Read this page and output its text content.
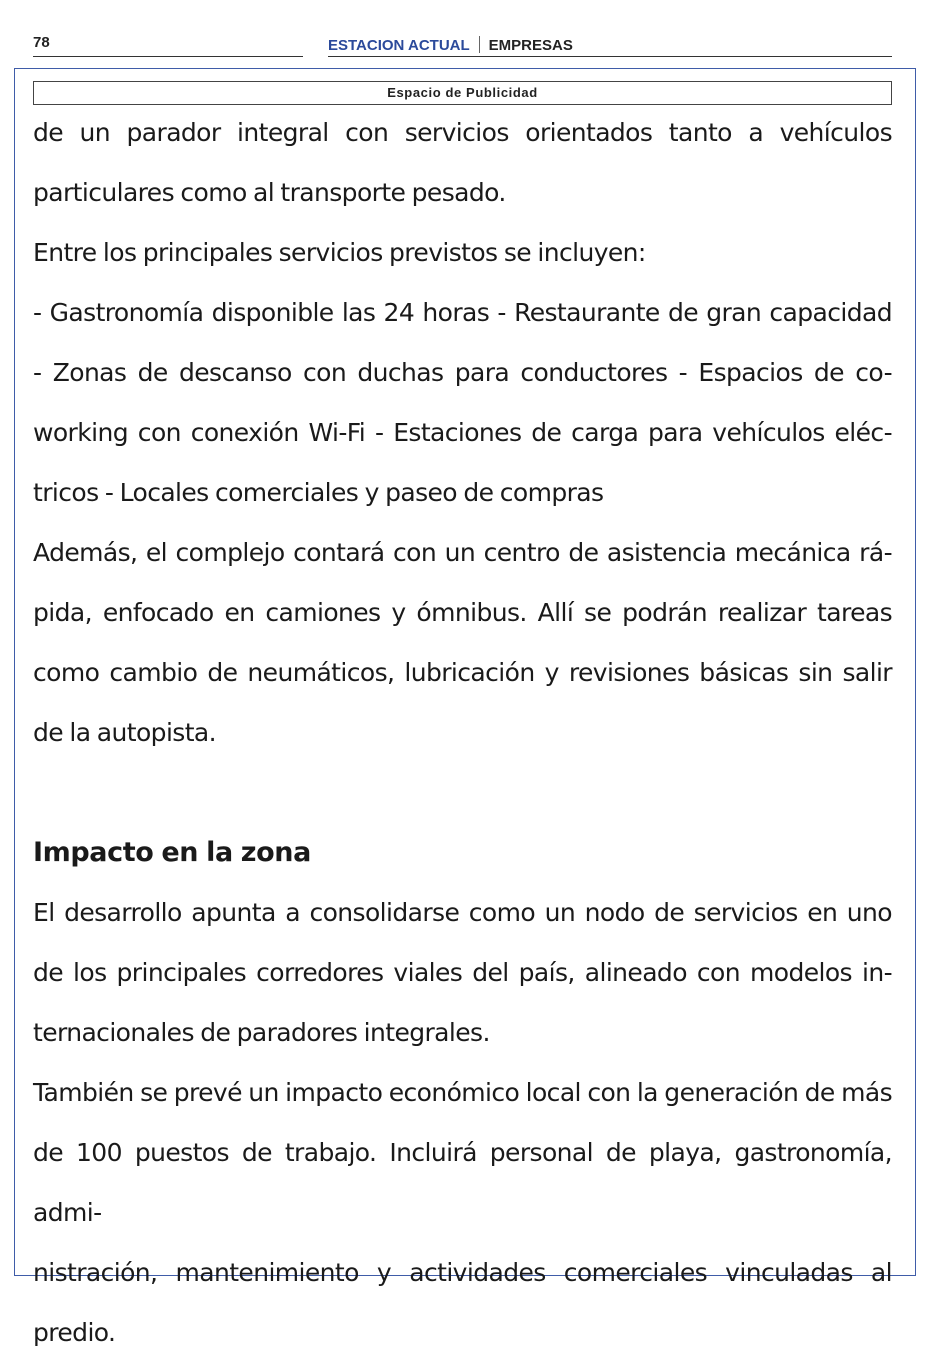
78	ESTACION ACTUAL EMPRESAS
Espacio de Publicidad

de un parador integral con servicios orientados tanto a vehículos

particulares como al transporte pesado.

Entre los principales servicios previstos se incluyen:

- Gastronomía disponible las 24 horas - Restaurante de gran capacidad

- Zonas de descanso con duchas para conductores - Espacios de co-

working con conexión Wi-Fi - Estaciones de carga para vehículos eléc-

tricos - Locales comerciales y paseo de compras

Además, el complejo contará con un centro de asistencia mecánica rá-

pida, enfocado en camiones y ómnibus. Allí se podrán realizar tareas

como cambio de neumáticos, lubricación y revisiones básicas sin salir

de la autopista.

Impacto en la zona

El desarrollo apunta a consolidarse como un nodo de servicios en uno

de los principales corredores viales del país, alineado con modelos in-

ternacionales de paradores integrales.

También se prevé un impacto económico local con la generación de más

de 100 puestos de trabajo. Incluirá personal de playa, gastronomía, admi-

nistración, mantenimiento y actividades comerciales vinculadas al predio.
